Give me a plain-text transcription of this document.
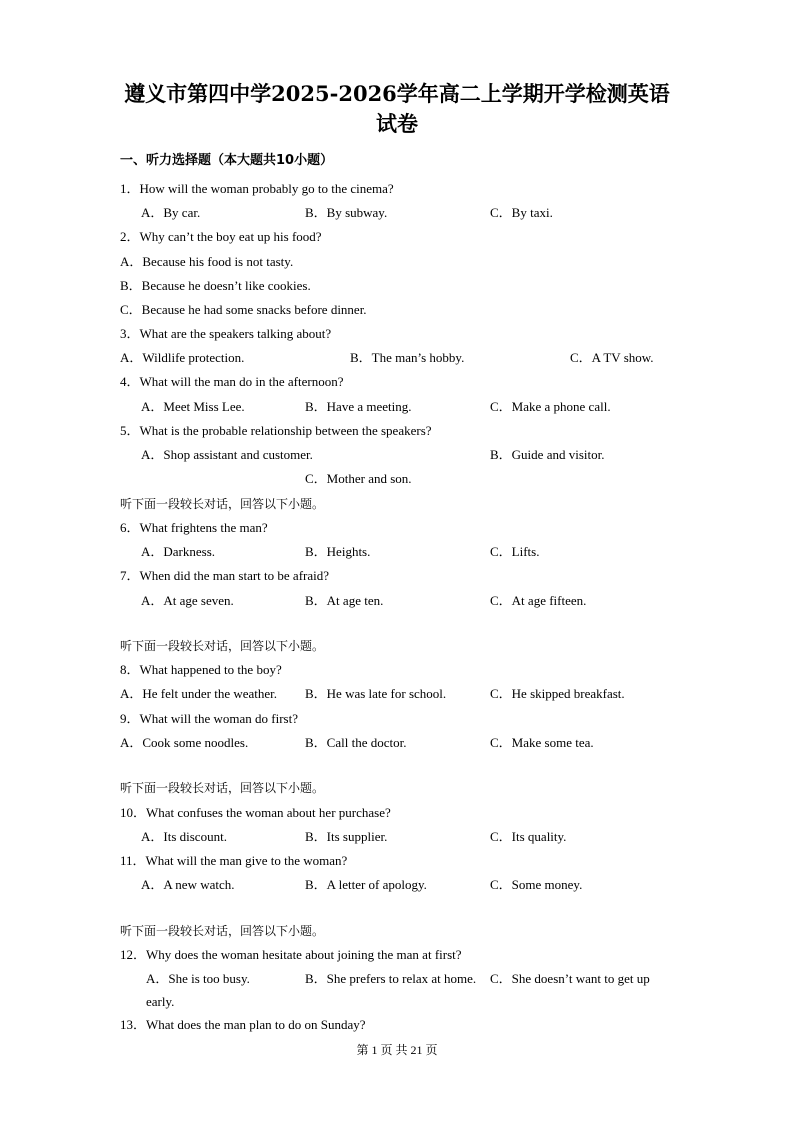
遵义市第四中学2025-2026学年高二上学期开学检测英语
试卷
一、听力选择题（本大题共10小题）
1．How will the woman probably go to the cinema?
A．By car.	B．By subway.	C．By taxi.
2．Why can’t the boy eat up his food?
A．Because his food is not tasty.
B．Because he doesn’t like cookies.
C．Because he had some snacks before dinner.
3．What are the speakers talking about?
A．Wildlife protection.	B．The man’s hobby.	C．A TV show.
4．What will the man do in the afternoon?
A．Meet Miss Lee.	B．Have a meeting.	C．Make a phone call.
5．What is the probable relationship between the speakers?
A．Shop assistant and customer.	B．Guide and visitor.
C．Mother and son.
听下面一段较长对话，回答以下小题。
6．What frightens the man?
A．Darkness.	B．Heights.	C．Lifts.
7．When did the man start to be afraid?
A．At age seven.	B．At age ten.	C．At age fifteen.
听下面一段较长对话，回答以下小题。
8．What happened to the boy?
A．He felt under the weather. B．He was late for school.	C．He skipped breakfast.
9．What will the woman do first?
A．Cook some noodles.	B．Call the doctor.	C．Make some tea.
听下面一段较长对话，回答以下小题。
10．What confuses the woman about her purchase?
A．Its discount.	B．Its supplier.	C．Its quality.
11．What will the man give to the woman?
A．A new watch.	B．A letter of apology.	C．Some money.
听下面一段较长对话，回答以下小题。
12．Why does the woman hesitate about joining the man at first?
A．She is too busy.	B．She prefers to relax at home. C．She doesn’t want to get up
early.
13．What does the man plan to do on Sunday?
第 1 页 共 21 页
